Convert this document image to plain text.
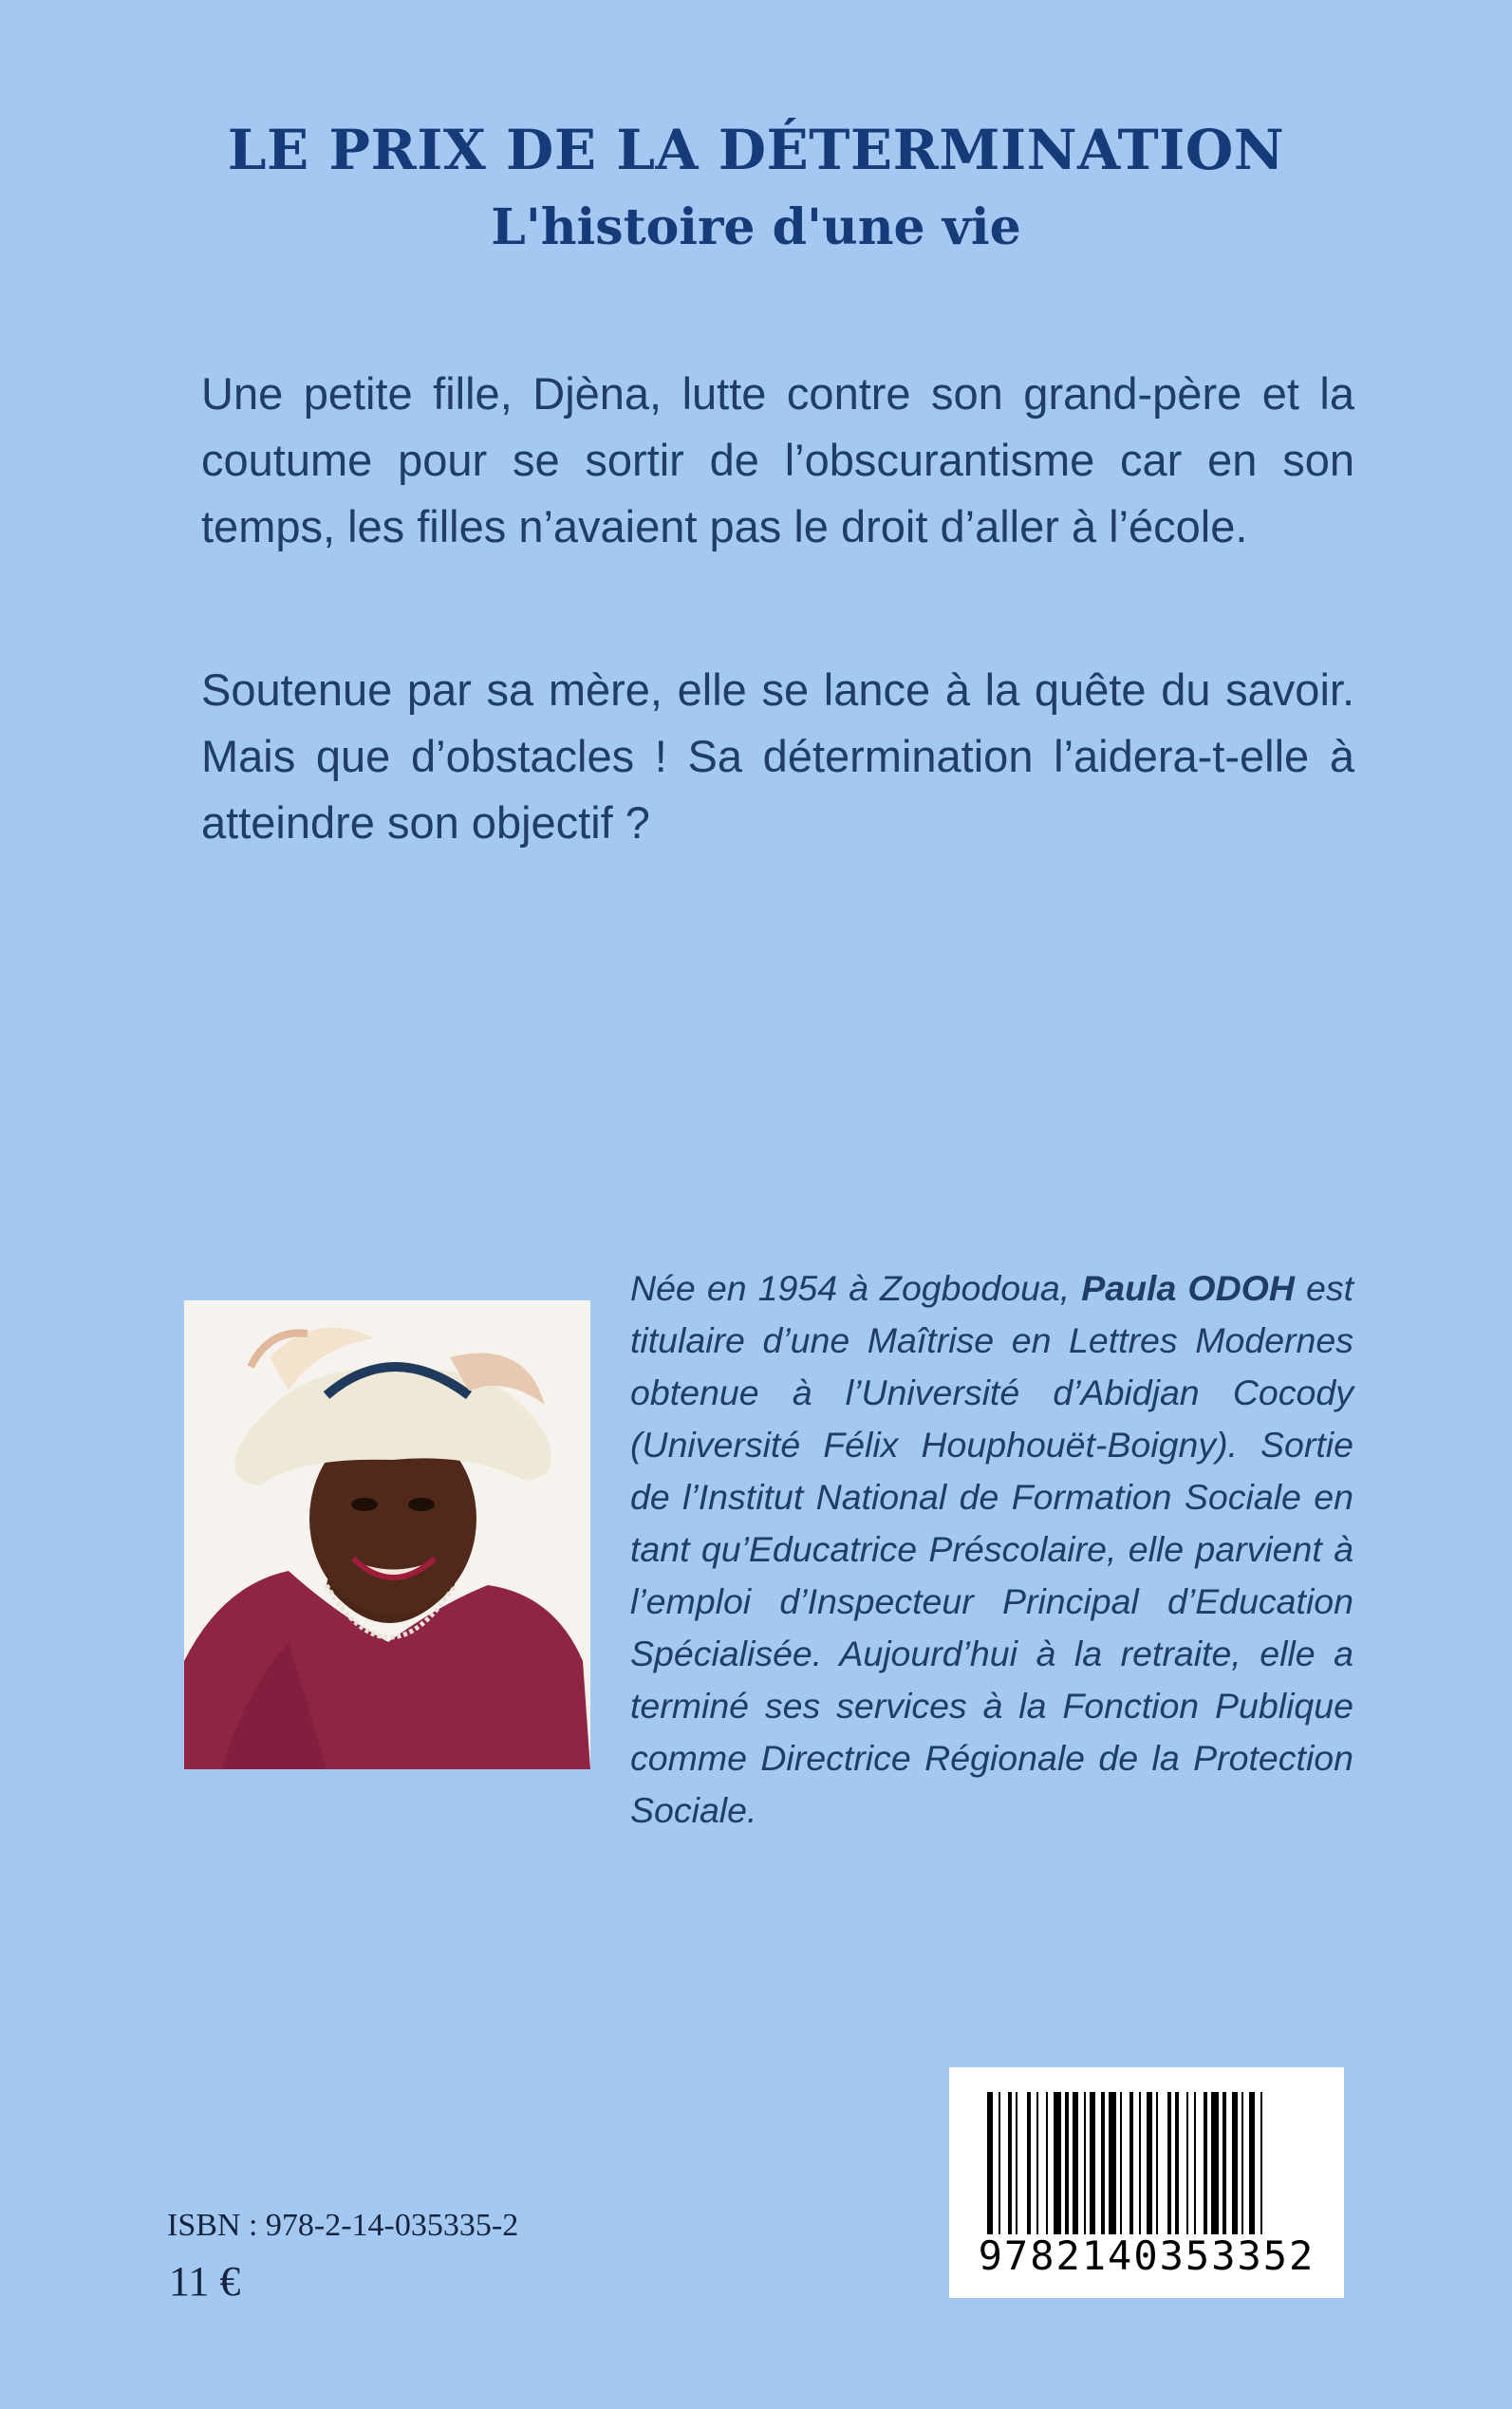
LE PRIX DE LA DÉTERMINATION
L'histoire d'une vie

Une petite fille, Djèna, lutte contre son grand-père et la coutume pour se sortir de l’obscurantisme car en son temps, les filles n’avaient pas le droit d’aller à l’école.

Soutenue par sa mère, elle se lance à la quête du savoir. Mais que d’obstacles ! Sa détermination l’aidera-t-elle à atteindre son objectif ?

Née en 1954 à Zogbodoua, Paula ODOH est titulaire d’une Maîtrise en Lettres Modernes obtenue à l’Université d’Abidjan Cocody (Université Félix Houphouët-Boigny). Sortie de l’Institut National de Formation Sociale en tant qu’Educatrice Préscolaire, elle parvient à l’emploi d’Inspecteur Principal d’Education Spécialisée. Aujourd’hui à la retraite, elle a terminé ses services à la Fonction Publique comme Directrice Régionale de la Protection Sociale.

9782140353352
ISBN : 978-2-14-035335-2
11 €
